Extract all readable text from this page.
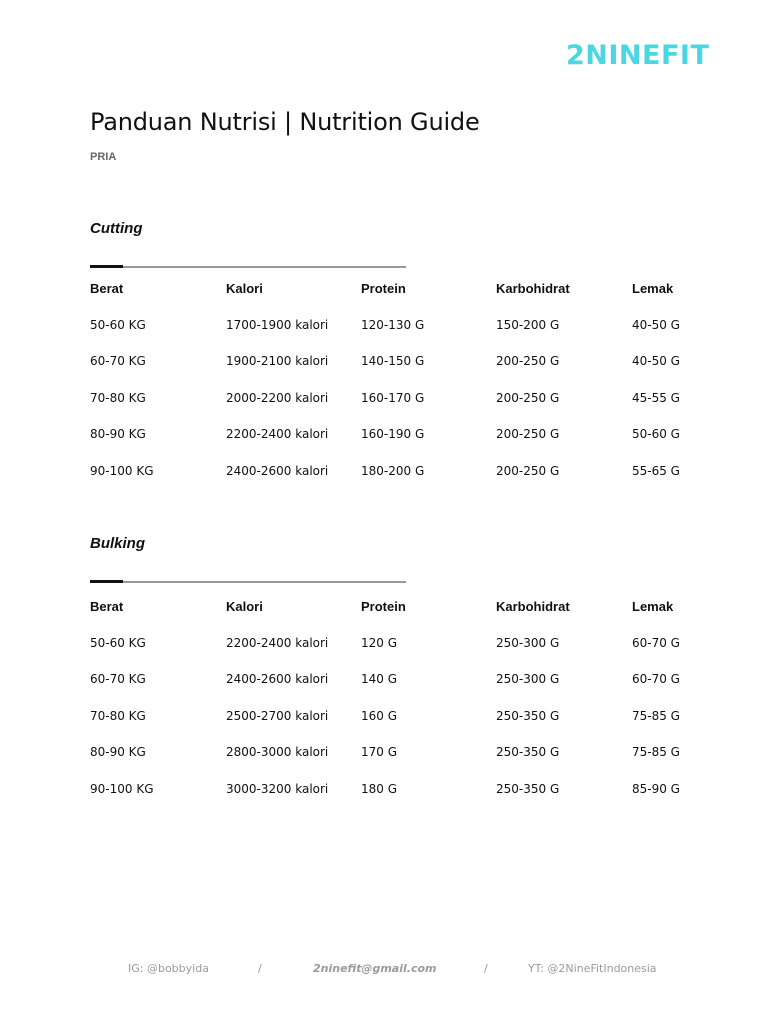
2NINEFIT
Panduan Nutrisi | Nutrition Guide
PRIA
Cutting
Berat	Kalori	Protein	Karbohidrat	Lemak
50-60 KG	1700-1900 kalori	120-130 G	150-200 G	40-50 G
60-70 KG	1900-2100 kalori	140-150 G	200-250 G	40-50 G
70-80 KG	2000-2200 kalori	160-170 G	200-250 G	45-55 G
80-90 KG	2200-2400 kalori	160-190 G	200-250 G	50-60 G
90-100 KG	2400-2600 kalori	180-200 G	200-250 G	55-65 G
Bulking
Berat	Kalori	Protein	Karbohidrat	Lemak
50-60 KG	2200-2400 kalori	120 G	250-300 G	60-70 G
60-70 KG	2400-2600 kalori	140 G	250-300 G	60-70 G
70-80 KG	2500-2700 kalori	160 G	250-350 G	75-85 G
80-90 KG	2800-3000 kalori	170 G	250-350 G	75-85 G
90-100 KG	3000-3200 kalori	180 G	250-350 G	85-90 G
IG: @bobbyida	/	2ninefit@gmail.com	/	YT: @2NineFitIndonesia
